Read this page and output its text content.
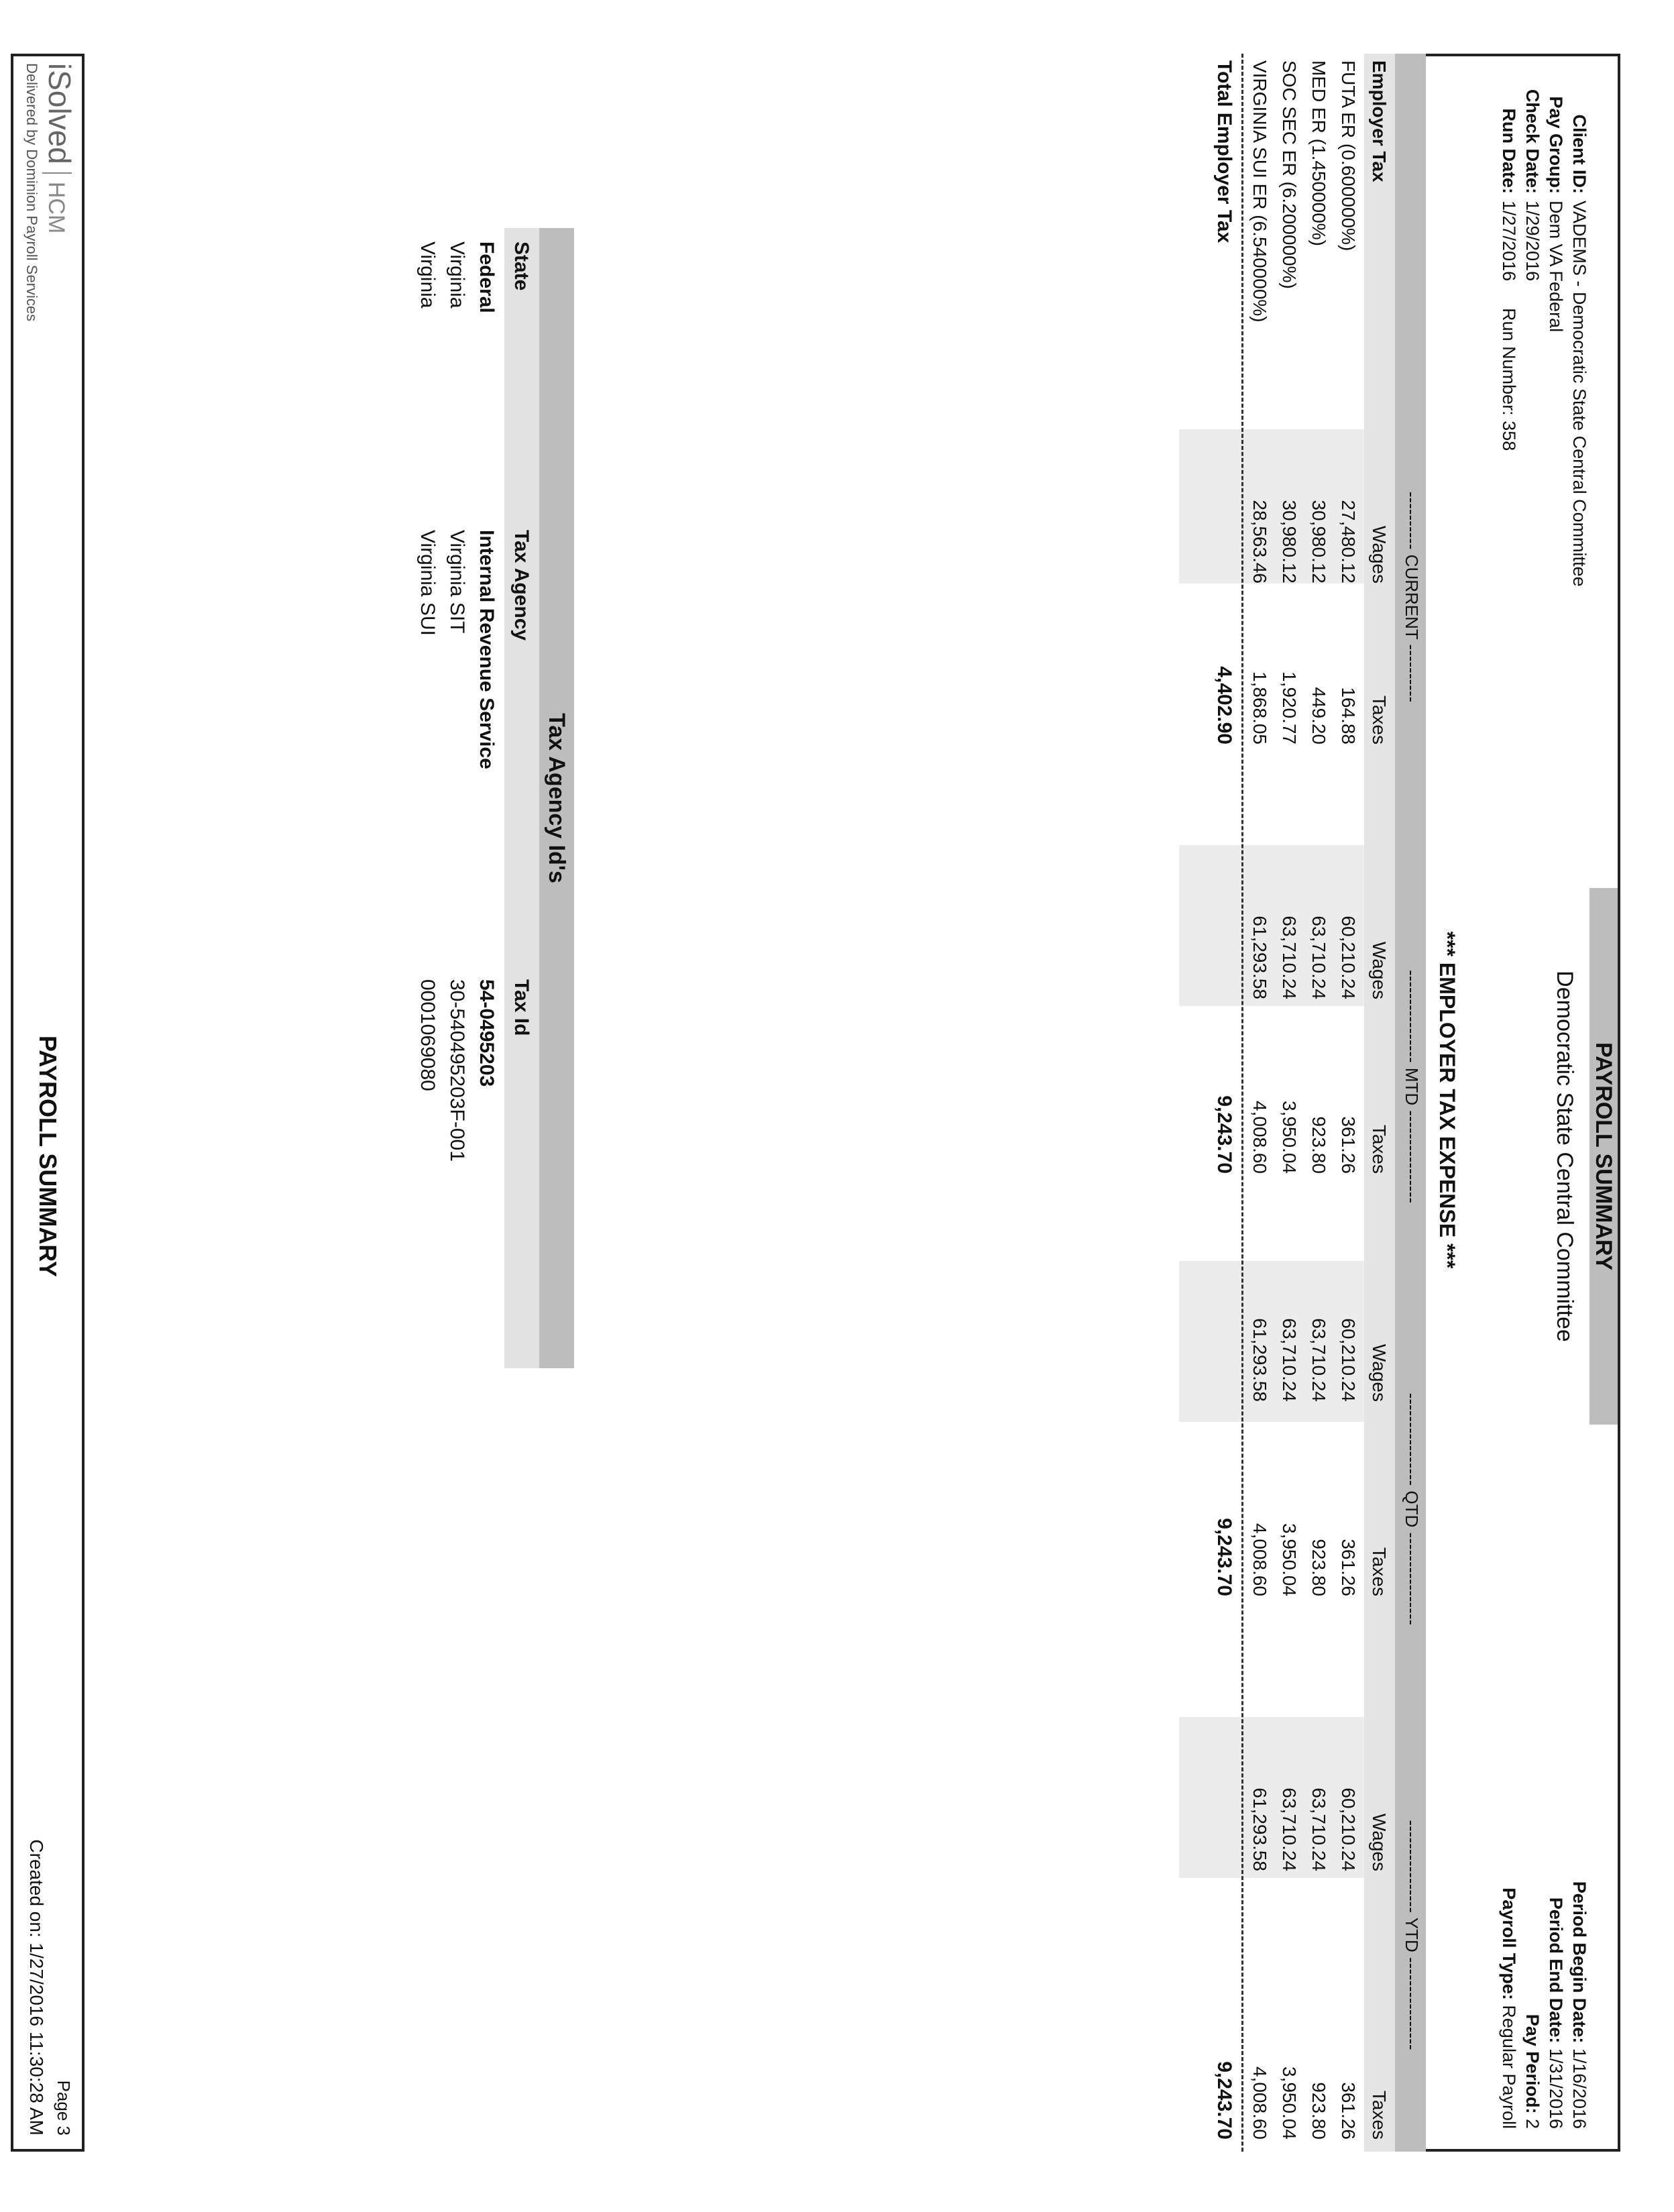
Client ID:VADEMS - Democratic State Central Committee
Pay Group:Dem VA Federal
Check Date:1/29/2016
Run Date:1/27/2016Run Number: 358
PAYROLL SUMMARY
Democratic State Central Committee
Period Begin Date: 1/16/2016
Period End Date: 1/31/2016
Pay Period: 2
Payroll Type: Regular Payroll
*** EMPLOYER TAX EXPENSE ***
---------- CURRENT ----------
---------------- MTD ----------------
---------------- QTD ----------------
---------------- YTD ----------------
Employer Tax
Wages
Taxes
Wages
Taxes
Wages
Taxes
Wages
Taxes
FUTA ER (0.600000%)
27,480.12
164.88
60,210.24
361.26
60,210.24
361.26
60,210.24
361.26
MED ER (1.450000%)
30,980.12
449.20
63,710.24
923.80
63,710.24
923.80
63,710.24
923.80
SOC SEC ER (6.200000%)
30,980.12
1,920.77
63,710.24
3,950.04
63,710.24
3,950.04
63,710.24
3,950.04
VIRGINIA SUI ER (6.540000%)
28,563.46
1,868.05
61,293.58
4,008.60
61,293.58
4,008.60
61,293.58
4,008.60
Total Employer Tax
4,402.90
9,243.70
9,243.70
9,243.70
Tax Agency Id's
State
Tax Agency
Tax Id
Federal
Internal Revenue Service
54-0495203
Virginia
Virginia SIT
30-540495203F-001
Virginia
Virginia SUI
0001069080
iSolvedHCM
Delivered by Dominion Payroll Services
PAYROLL SUMMARY
Page 3
Created on: 1/27/2016 11:30:28 AM
